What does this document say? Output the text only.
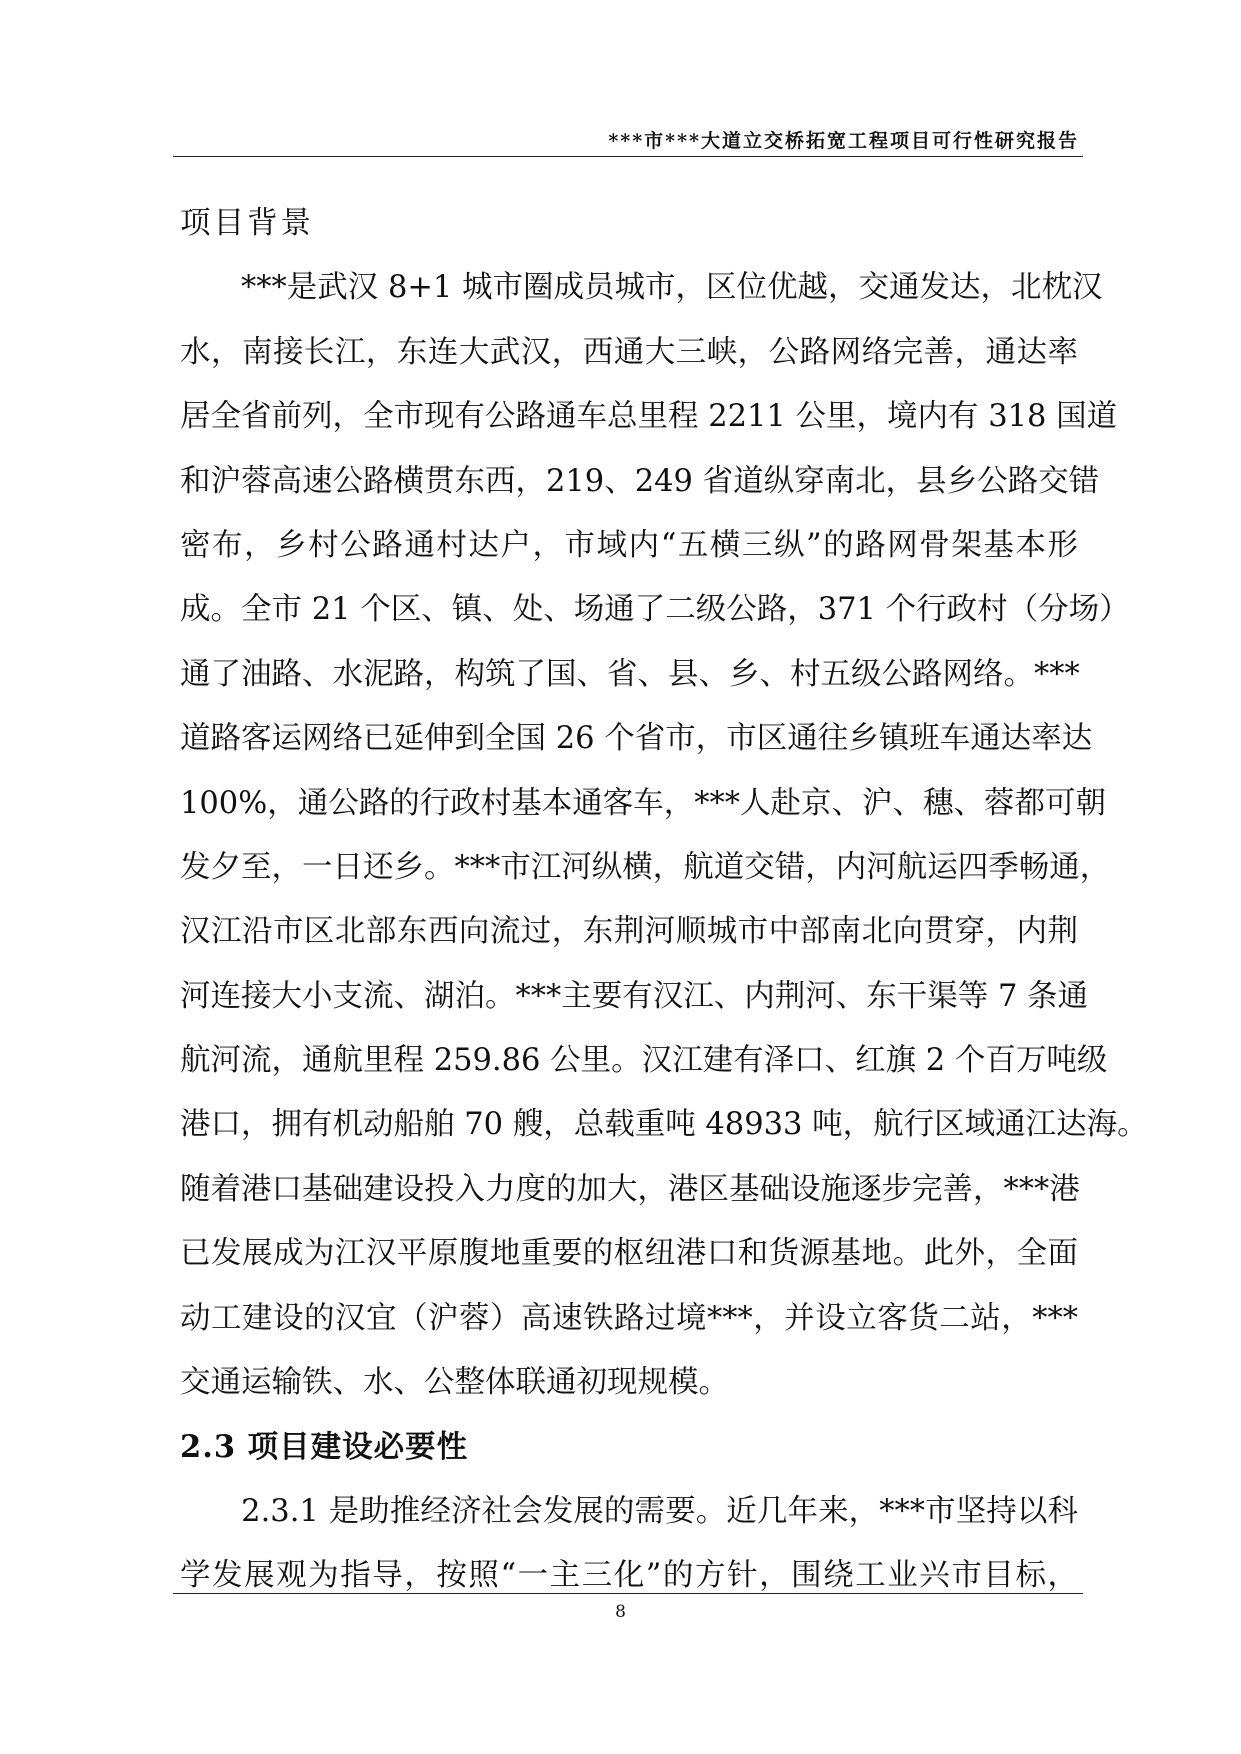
***市***大道立交桥拓宽工程项目可行性研究报告
项目背景
　　***是武汉 8+1 城市圈成员城市，区位优越，交通发达，北枕汉
水，南接长江，东连大武汉，西通大三峡，公路网络完善，通达率
居全省前列，全市现有公路通车总里程 2211 公里，境内有 318 国道
和沪蓉高速公路横贯东西，219、249 省道纵穿南北，县乡公路交错
密布，乡村公路通村达户，市域内“五横三纵”的路网骨架基本形
成。全市 21 个区、镇、处、场通了二级公路，371 个行政村（分场）
通了油路、水泥路，构筑了国、省、县、乡、村五级公路网络。***
道路客运网络已延伸到全国 26 个省市，市区通往乡镇班车通达率达
100%，通公路的行政村基本通客车，***人赴京、沪、穗、蓉都可朝
发夕至，一日还乡。***市江河纵横，航道交错，内河航运四季畅通，
汉江沿市区北部东西向流过，东荆河顺城市中部南北向贯穿，内荆
河连接大小支流、湖泊。***主要有汉江、内荆河、东干渠等 7 条通
航河流，通航里程 259.86 公里。汉江建有泽口、红旗 2 个百万吨级
港口，拥有机动船舶 70 艘，总载重吨 48933 吨，航行区域通江达海。
随着港口基础建设投入力度的加大，港区基础设施逐步完善，***港
已发展成为江汉平原腹地重要的枢纽港口和货源基地。此外，全面
动工建设的汉宜（沪蓉）高速铁路过境***，并设立客货二站，***
交通运输铁、水、公整体联通初现规模。
2.3 项目建设必要性
　　2.3.1 是助推经济社会发展的需要。近几年来，***市坚持以科
学发展观为指导，按照“一主三化”的方针，围绕工业兴市目标，
8
